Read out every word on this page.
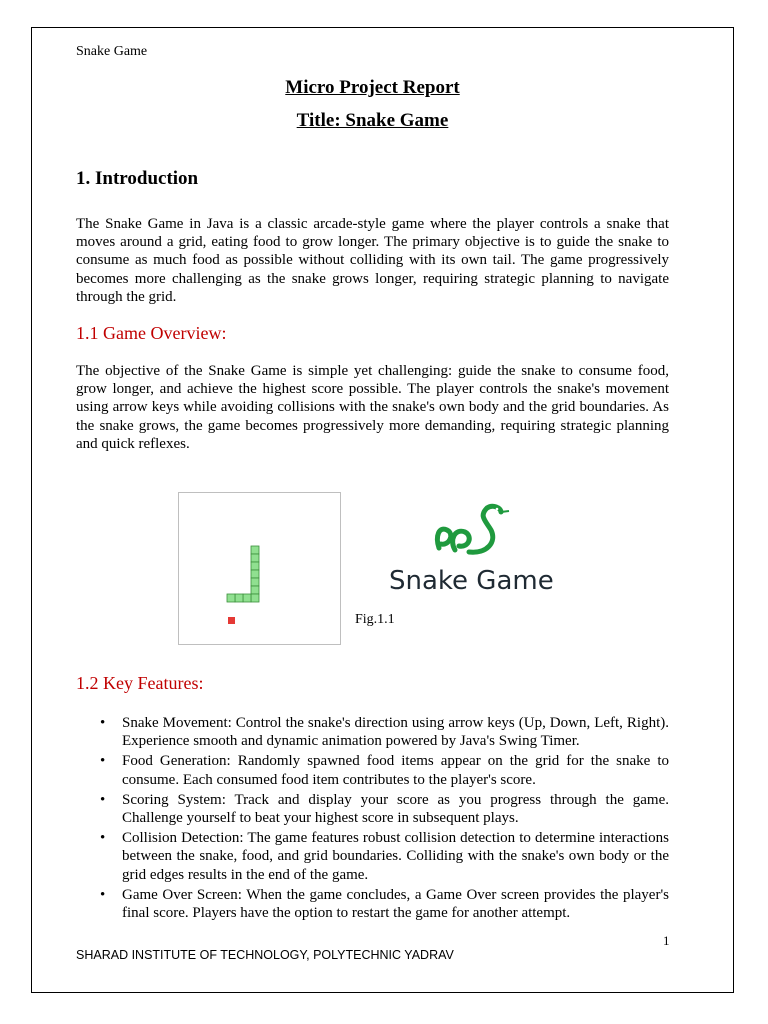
Snake Game
Micro Project Report
Title: Snake Game
1. Introduction
The Snake Game in Java is a classic arcade-style game where the player controls a snake that moves around a grid, eating food to grow longer. The primary objective is to guide the snake to consume as much food as possible without colliding with its own tail. The game progressively becomes more challenging as the snake grows longer, requiring strategic planning to navigate through the grid.
1.1 Game Overview:
The objective of the Snake Game is simple yet challenging: guide the snake to consume food, grow longer, and achieve the highest score possible. The player controls the snake's movement using arrow keys while avoiding collisions with the snake's own body and the grid boundaries. As the snake grows, the game becomes progressively more demanding, requiring strategic planning and quick reflexes.
Snake Game
Fig.1.1
1.2 Key Features:
• Snake Movement: Control the snake's direction using arrow keys (Up, Down, Left, Right). Experience smooth and dynamic animation powered by Java's Swing Timer.
• Food Generation: Randomly spawned food items appear on the grid for the snake to consume. Each consumed food item contributes to the player's score.
• Scoring System: Track and display your score as you progress through the game. Challenge yourself to beat your highest score in subsequent plays.
• Collision Detection: The game features robust collision detection to determine interactions between the snake, food, and grid boundaries. Colliding with the snake's own body or the grid edges results in the end of the game.
• Game Over Screen: When the game concludes, a Game Over screen provides the player's final score. Players have the option to restart the game for another attempt.
1
SHARAD INSTITUTE OF TECHNOLOGY, POLYTECHNIC YADRAV
